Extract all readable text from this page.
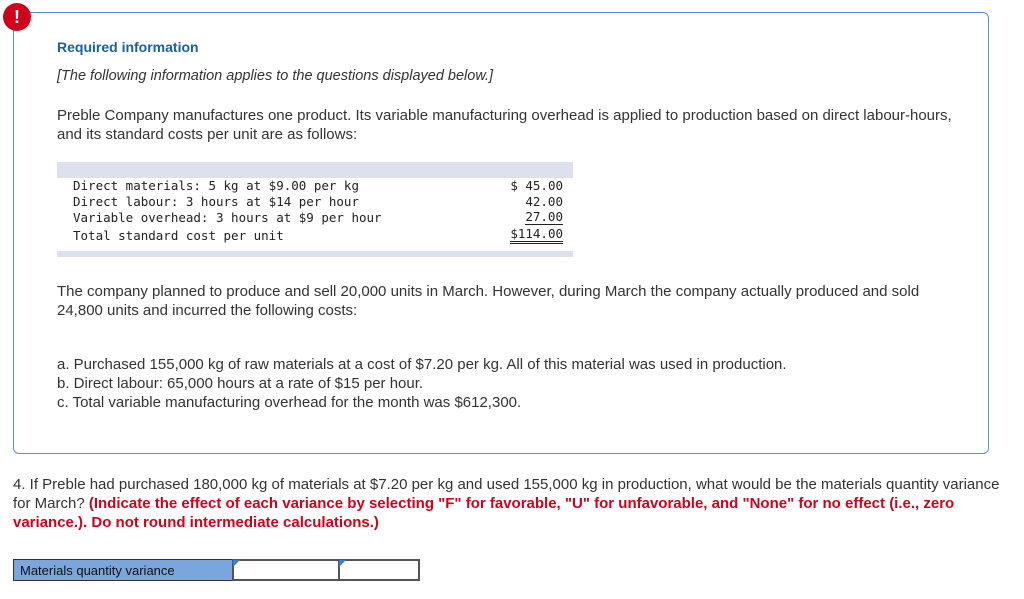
!
Required information
[The following information applies to the questions displayed below.]
Preble Company manufactures one product. Its variable manufacturing overhead is applied to production based on direct labour-hours, and its standard costs per unit are as follows:
Direct materials: 5 kg at $9.00 per kg	$ 45.00
Direct labour: 3 hours at $14 per hour	42.00
Variable overhead: 3 hours at $9 per hour	27.00
Total standard cost per unit	$114.00
The company planned to produce and sell 20,000 units in March. However, during March the company actually produced and sold 24,800 units and incurred the following costs:
a. Purchased 155,000 kg of raw materials at a cost of $7.20 per kg. All of this material was used in production.
b. Direct labour: 65,000 hours at a rate of $15 per hour.
c. Total variable manufacturing overhead for the month was $612,300.
4. If Preble had purchased 180,000 kg of materials at $7.20 per kg and used 155,000 kg in production, what would be the materials quantity variance for March? (Indicate the effect of each variance by selecting "F" for favorable, "U" for unfavorable, and "None" for no effect (i.e., zero variance.). Do not round intermediate calculations.)
Materials quantity variance
